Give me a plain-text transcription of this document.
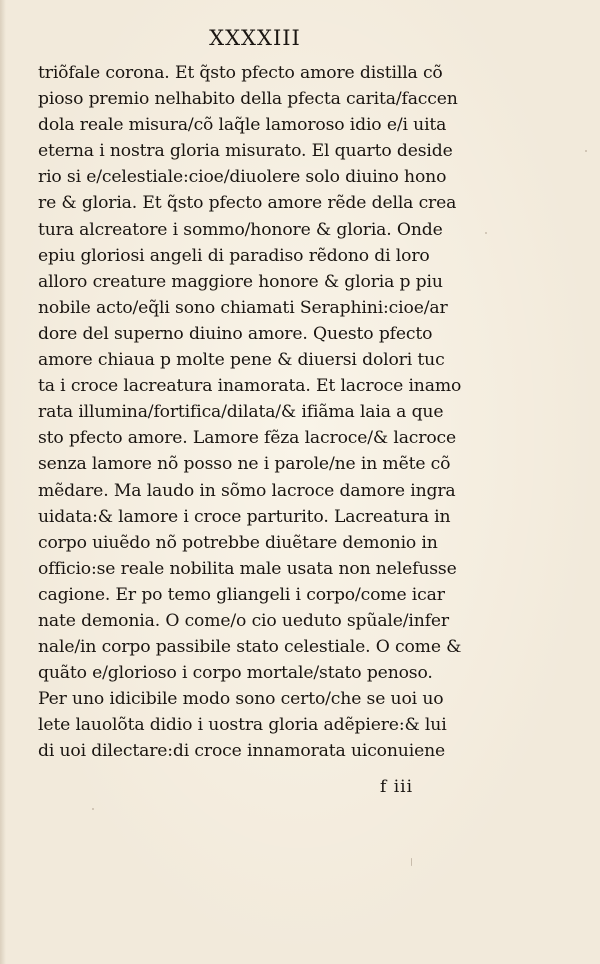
XXXXIII
triõfale corona. Et q̃sto pfecto amore distilla cõ
pioso premio nelhabito della pfecta carita/faccen
dola reale misura/cõ laq̃le lamoroso idio e/i uita
eterna i nostra gloria misurato. El quarto deside
rio si e/celestiale:cioe/diuolere solo diuino hono
re & gloria. Et q̃sto pfecto amore rẽde della crea
tura alcreatore i sommo/honore & gloria. Onde
epiu gloriosi angeli di paradiso rẽdono di loro
alloro creature maggiore honore & gloria p piu
nobile acto/eq̃li sono chiamati Seraphini:cioe/ar
dore del superno diuino amore. Questo pfecto
amore chiaua p molte pene & diuersi dolori tuc
ta i croce lacreatura inamorata. Et lacroce inamo
rata illumina/fortifica/dilata/& ifiãma laia a que
sto pfecto amore. Lamore fẽza lacroce/& lacroce
senza lamore nõ posso ne i parole/ne in mẽte cõ
mẽdare. Ma laudo in sõmo lacroce damore ingra
uidata:& lamore i croce parturito. Lacreatura in
corpo uiuẽdo nõ potrebbe diuẽtare demonio in
officio:se reale nobilita male usata non nelefusse
cagione. Er po temo gliangeli i corpo/come icar
nate demonia. O come/o cio ueduto spũale/infer
nale/in corpo passibile stato celestiale. O come &
quãto e/glorioso i corpo mortale/stato penoso.
Per uno idicibile modo sono certo/che se uoi uo
lete lauolõta didio i uostra gloria adẽpiere:& lui
di uoi dilectare:di croce innamorata uiconuiene
f iii
